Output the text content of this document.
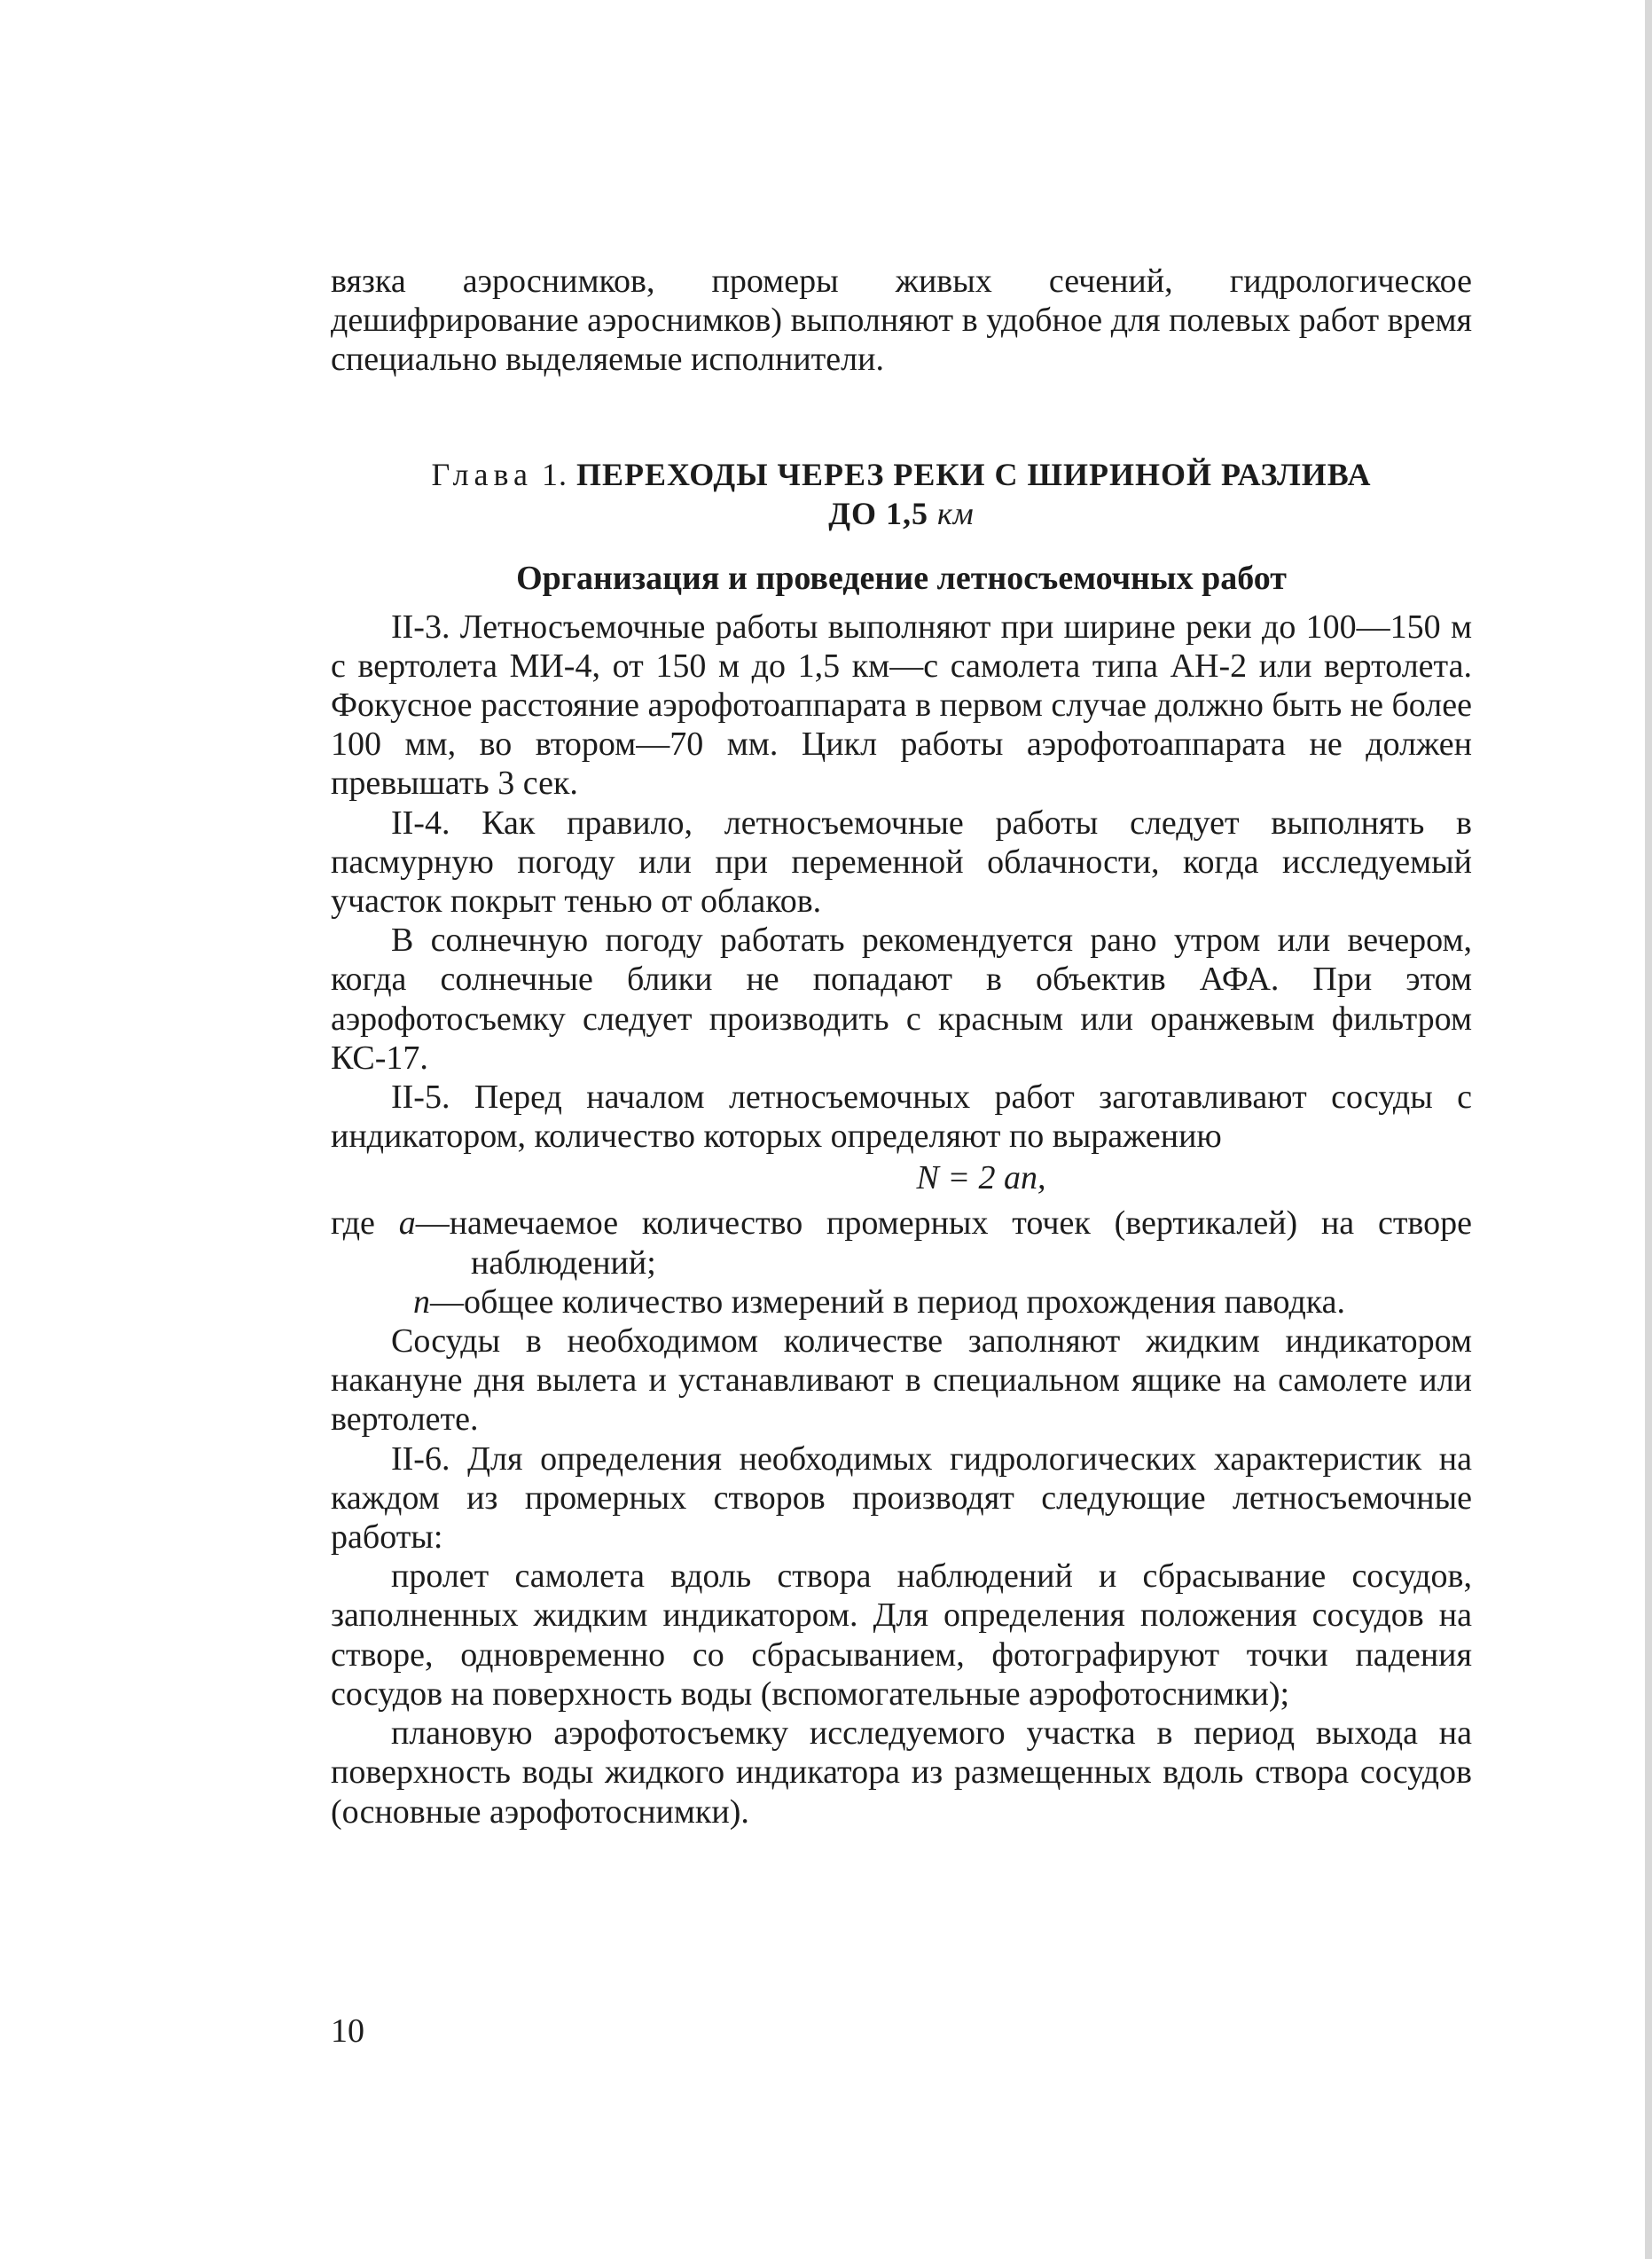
вязка аэроснимков, промеры живых сечений, гидрологическое дешифрирование аэроснимков) выполняют в удобное для полевых работ время специально выделяемые исполнители.

Глава 1. ПЕРЕХОДЫ ЧЕРЕЗ РЕКИ С ШИРИНОЙ РАЗЛИВА
ДО 1,5 км
Организация и проведение летносъемочных работ

II-3. Летносъемочные работы выполняют при ширине реки до 100—150 м с вертолета МИ-4, от 150 м до 1,5 км—с самолета типа АН-2 или вертолета. Фокусное расстояние аэрофотоаппарата в первом случае должно быть не более 100 мм, во втором—70 мм. Цикл работы аэрофотоаппарата не должен превышать 3 сек.

II-4. Как правило, летносъемочные работы следует выполнять в пасмурную погоду или при переменной облачности, когда исследуемый участок покрыт тенью от облаков.

В солнечную погоду работать рекомендуется рано утром или вечером, когда солнечные блики не попадают в объектив АФА. При этом аэрофотосъемку следует производить с красным или оранжевым фильтром КС-17.

II-5. Перед началом летносъемочных работ заготавливают сосуды с индикатором, количество которых определяют по выражению

N = 2 an,

где a—намечаемое количество промерных точек (вертикалей) на створе наблюдений;

n—общее количество измерений в период прохождения паводка.

Сосуды в необходимом количестве заполняют жидким индикатором накануне дня вылета и устанавливают в специальном ящике на самолете или вертолете.

II-6. Для определения необходимых гидрологических характеристик на каждом из промерных створов производят следующие летносъемочные работы:

пролет самолета вдоль створа наблюдений и сбрасывание сосудов, заполненных жидким индикатором. Для определения положения сосудов на створе, одновременно со сбрасыванием, фотографируют точки падения сосудов на поверхность воды (вспомогательные аэрофотоснимки);

плановую аэрофотосъемку исследуемого участка в период выхода на поверхность воды жидкого индикатора из размещенных вдоль створа сосудов (основные аэрофотоснимки).

10
